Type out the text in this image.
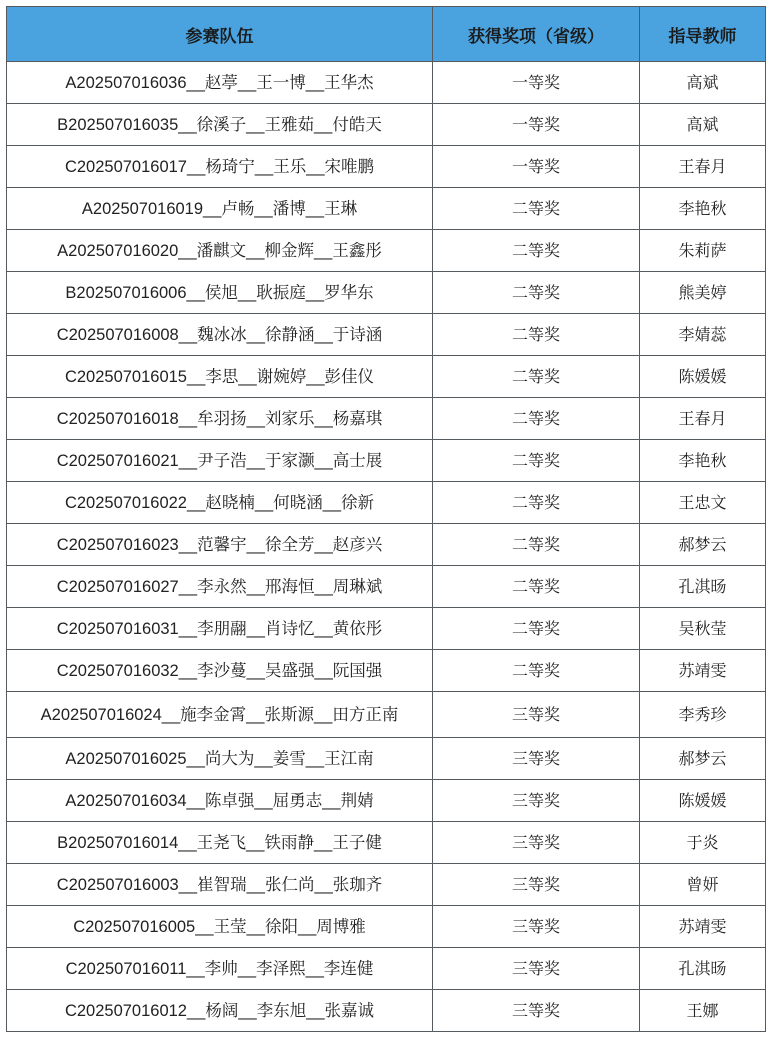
参赛队伍	获得奖项（省级）	指导教师
A202507016036__赵葶__王一博__王华杰	一等奖	高斌
B202507016035__徐溪子__王雅茹__付皓天	一等奖	高斌
C202507016017__杨琦宁__王乐__宋唯鹏	一等奖	王春月
A202507016019__卢畅__潘博__王琳	二等奖	李艳秋
A202507016020__潘麒文__柳金辉__王鑫彤	二等奖	朱莉萨
B202507016006__侯旭__耿振庭__罗华东	二等奖	熊美婷
C202507016008__魏冰冰__徐静涵__于诗涵	二等奖	李婧蕊
C202507016015__李思__谢婉婷__彭佳仪	二等奖	陈媛媛
C202507016018__牟羽扬__刘家乐__杨嘉琪	二等奖	王春月
C202507016021__尹子浩__于家灏__高士展	二等奖	李艳秋
C202507016022__赵晓楠__何晓涵__徐新	二等奖	王忠文
C202507016023__范馨宇__徐全芳__赵彦兴	二等奖	郝梦云
C202507016027__李永然__邢海恒__周琳斌	二等奖	孔淇旸
C202507016031__李朋翮__肖诗忆__黄依彤	二等奖	吴秋莹
C202507016032__李沙蔓__吴盛强__阮国强	二等奖	苏靖雯
A202507016024__施李金霄__张斯源__田方正南	三等奖	李秀珍
A202507016025__尚大为__姜雪__王江南	三等奖	郝梦云
A202507016034__陈卓强__屈勇志__荆婧	三等奖	陈媛媛
B202507016014__王尧飞__铁雨静__王子健	三等奖	于炎
C202507016003__崔智瑞__张仁尚__张珈齐	三等奖	曾妍
C202507016005__王莹__徐阳__周博雅	三等奖	苏靖雯
C202507016011__李帅__李泽熙__李连健	三等奖	孔淇旸
C202507016012__杨阔__李东旭__张嘉诚	三等奖	王娜
